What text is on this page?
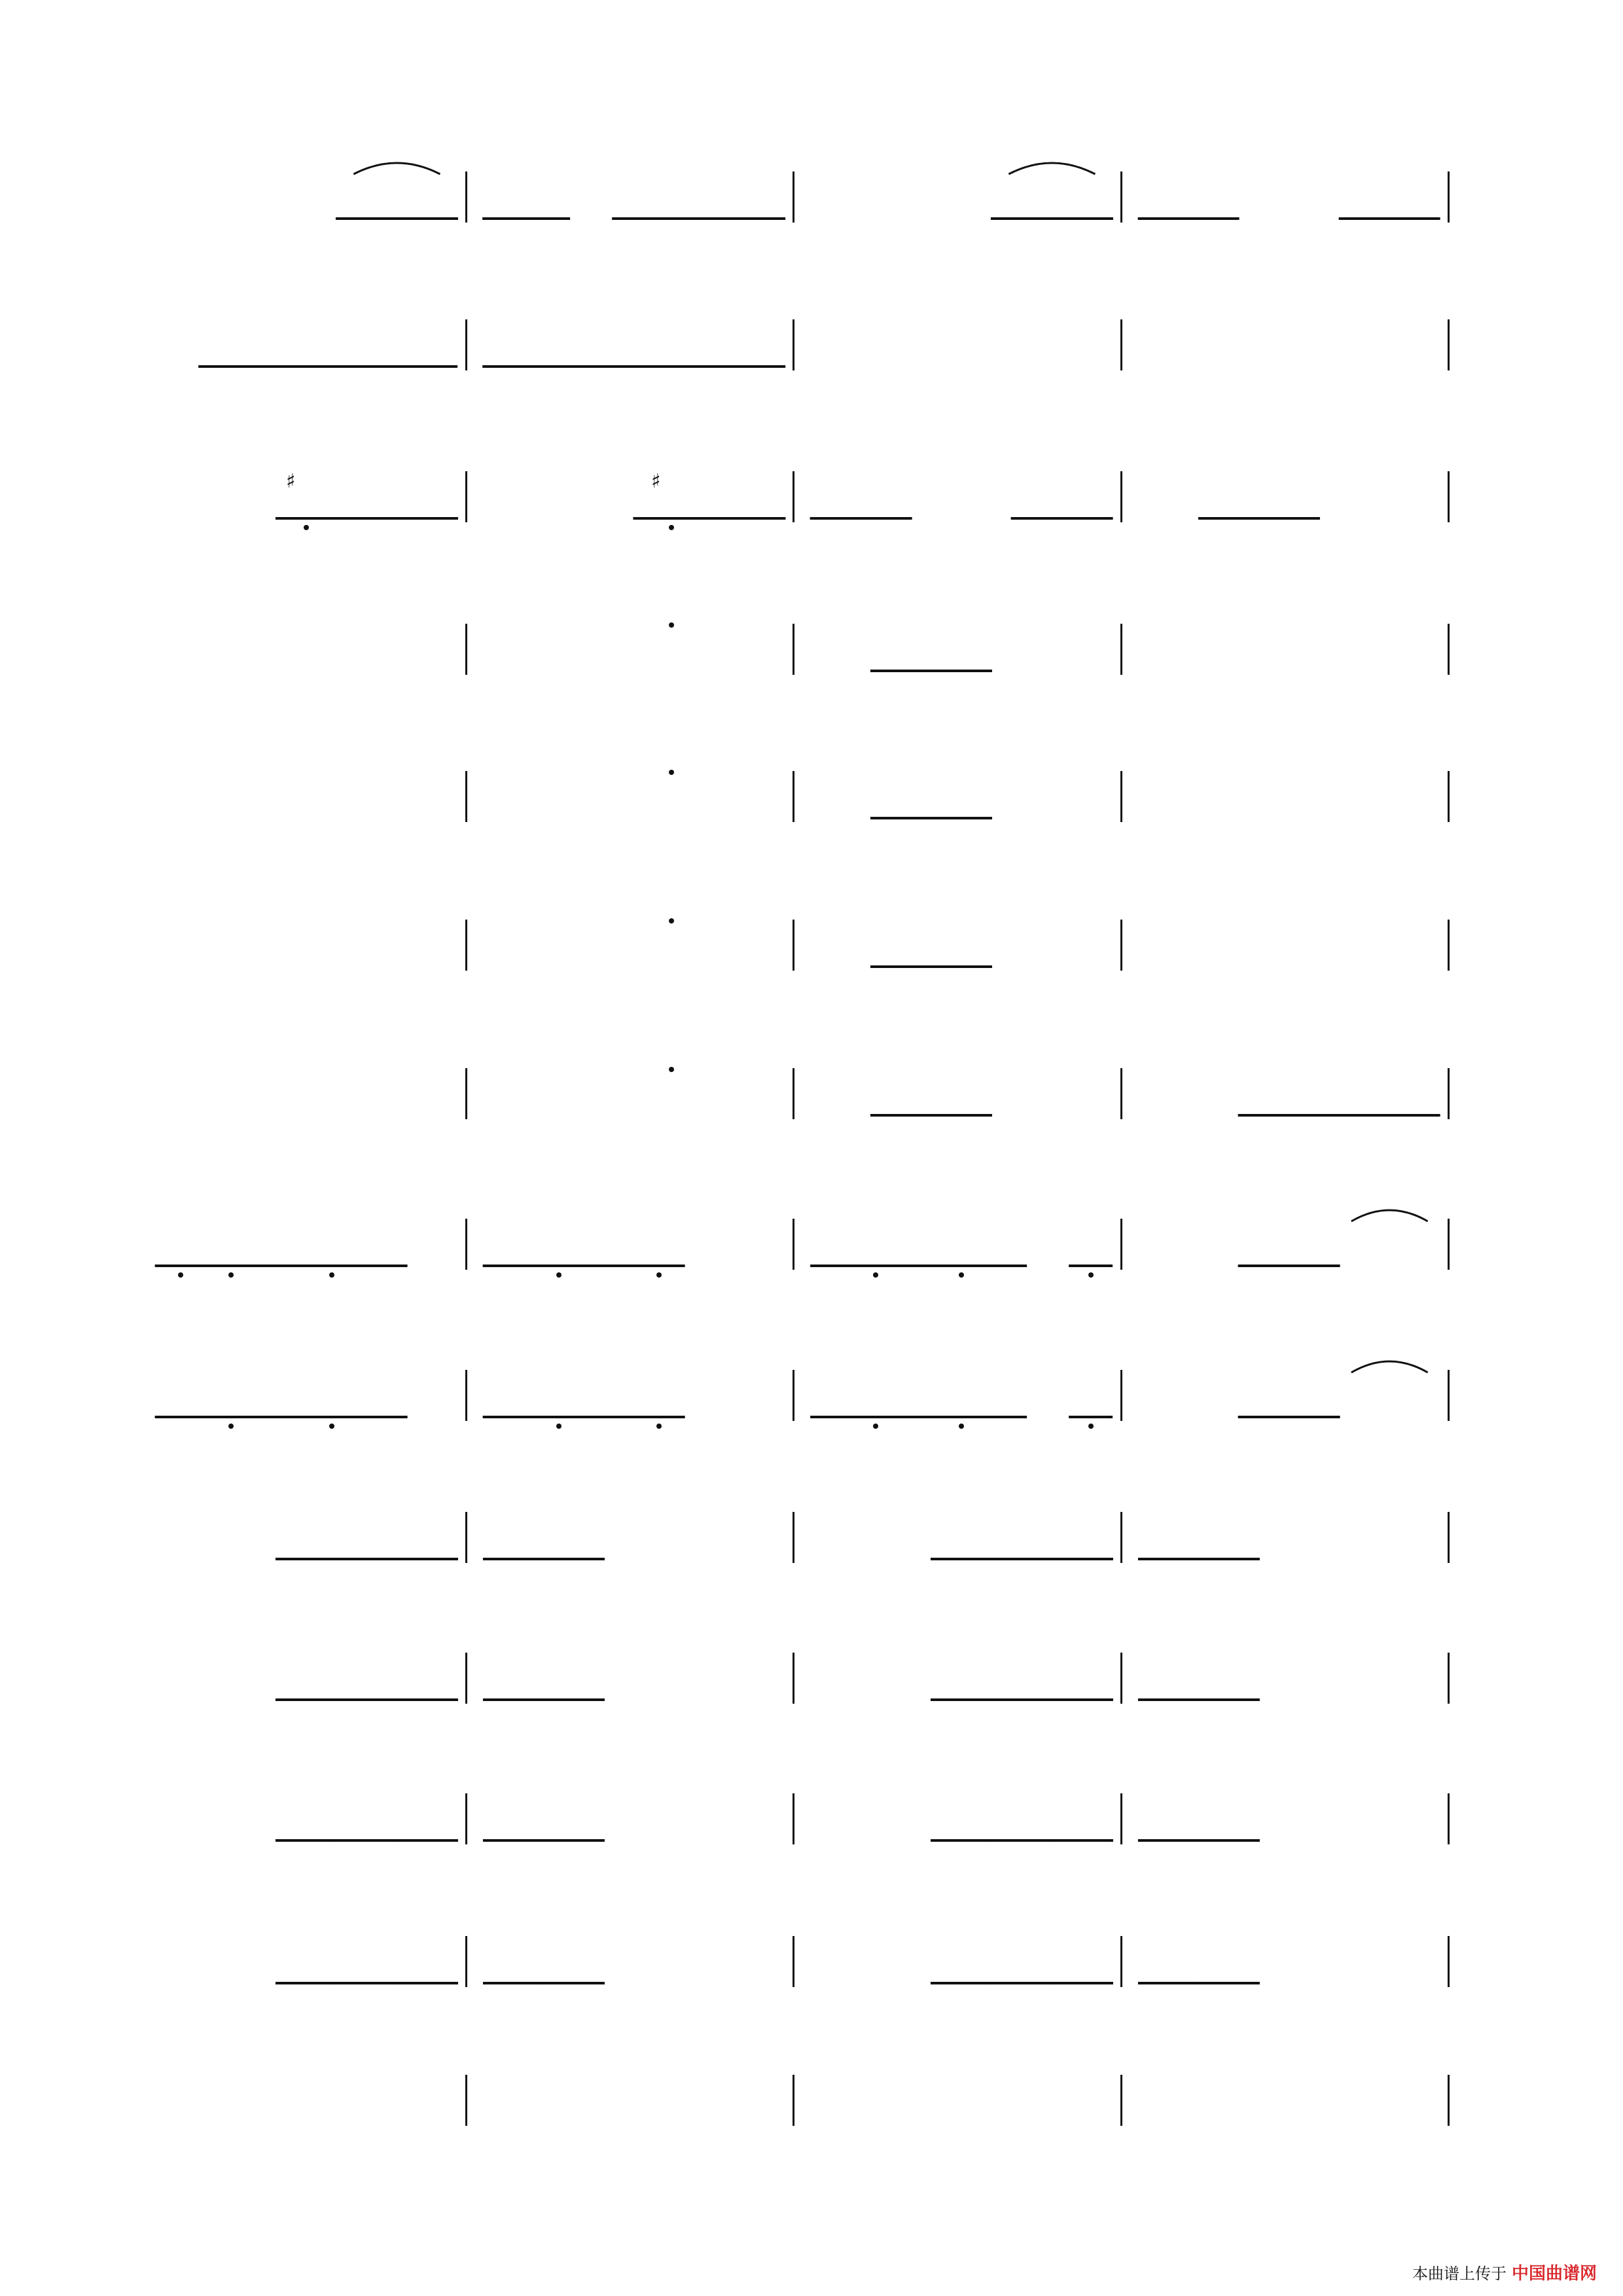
♯	♯
本曲谱上传于 中国曲谱网
